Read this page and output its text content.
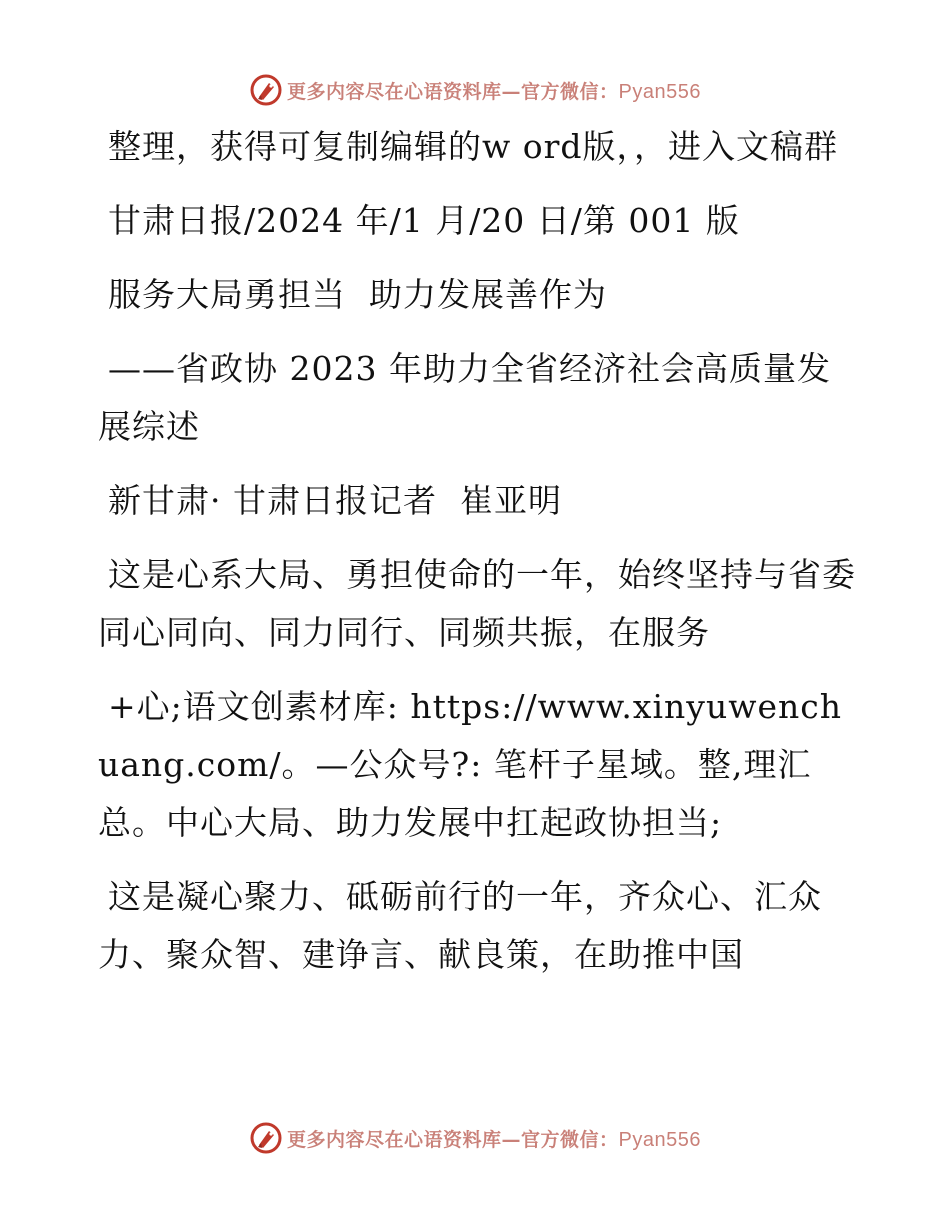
更多内容尽在心语资料库—官方微信：Pyan556

整理，获得可复制编辑的w ord版，，进入文稿群

甘肃日报/2024 年/1 月/20 日/第 001 版

服务大局勇担当  助力发展善作为

——省政协 2023 年助力全省经济社会高质量发展综述

新甘肃· 甘肃日报记者  崔亚明

这是心系大局、勇担使命的一年，始终坚持与省委同心同向、同力同行、同频共振，在服务

+心;语文创素材库: https://www.xinyuwenchuang.com/。—公众号?: 笔杆子星域。整,理汇总。中心大局、助力发展中扛起政协担当;

这是凝心聚力、砥砺前行的一年，齐众心、汇众力、聚众智、建诤言、献良策，在助推中国

更多内容尽在心语资料库—官方微信：Pyan556
